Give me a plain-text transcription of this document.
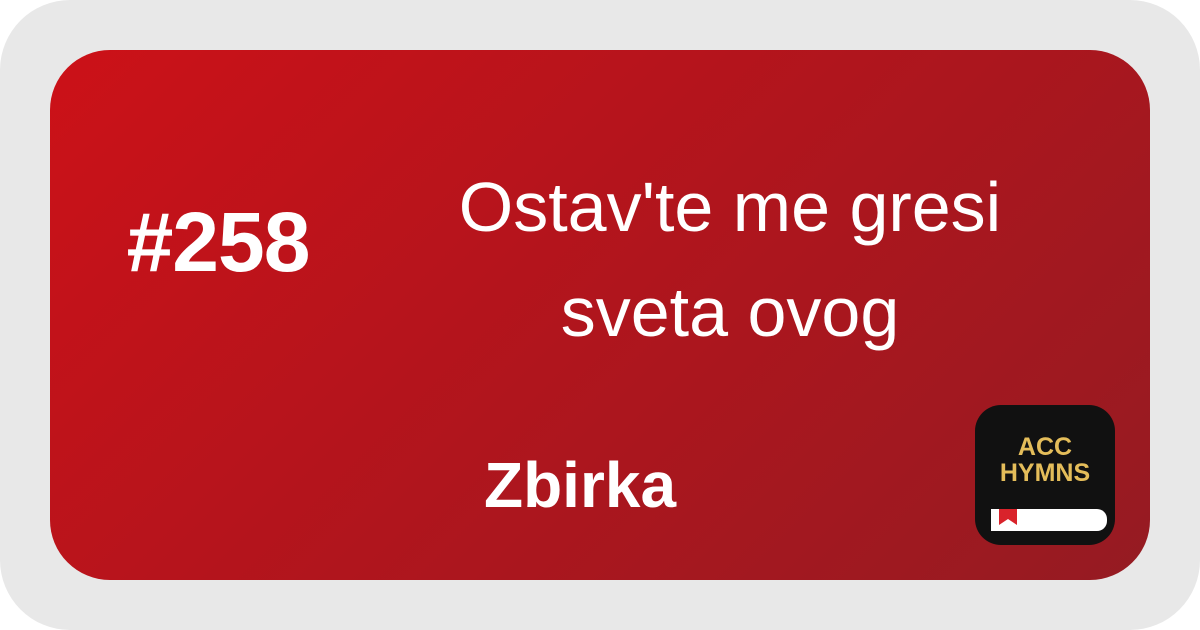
#258	Ostav'te me gresi
sveta ovog
Zbirka
ACC
HYMNS
